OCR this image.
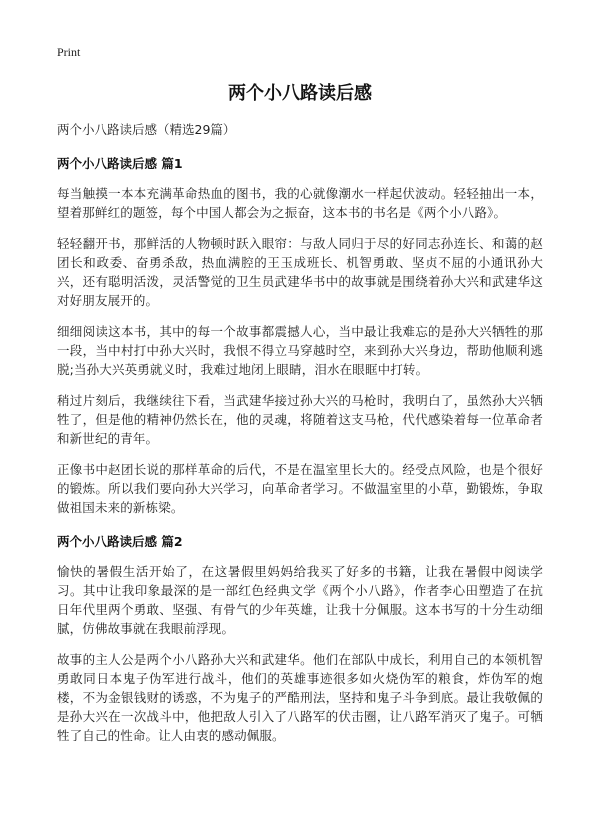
Print
两个小八路读后感
两个小八路读后感（精选29篇）
两个小八路读后感 篇1

每当触摸一本本充满革命热血的图书，我的心就像潮水一样起伏波动。轻轻抽出一本，望着那鲜红的题签，每个中国人都会为之振奋，这本书的书名是《两个小八路》。

轻轻翻开书，那鲜活的人物顿时跃入眼帘：与敌人同归于尽的好同志孙连长、和蔼的赵团长和政委、奋勇杀敌，热血满腔的王玉成班长、机智勇敢、坚贞不屈的小通讯孙大兴，还有聪明活泼，灵活警觉的卫生员武建华书中的故事就是围绕着孙大兴和武建华这对好朋友展开的。

细细阅读这本书，其中的每一个故事都震撼人心，当中最让我难忘的是孙大兴牺牲的那一段，当中村打中孙大兴时，我恨不得立马穿越时空，来到孙大兴身边，帮助他顺利逃脱;当孙大兴英勇就义时，我难过地闭上眼睛，泪水在眼眶中打转。

稍过片刻后，我继续往下看，当武建华接过孙大兴的马枪时，我明白了，虽然孙大兴牺牲了，但是他的精神仍然长在，他的灵魂，将随着这支马枪，代代感染着每一位革命者和新世纪的青年。

正像书中赵团长说的那样革命的后代，不是在温室里长大的。经受点风险，也是个很好的锻炼。所以我们要向孙大兴学习，向革命者学习。不做温室里的小草，勤锻炼，争取做祖国未来的新栋梁。

两个小八路读后感 篇2

愉快的暑假生活开始了，在这暑假里妈妈给我买了好多的书籍，让我在暑假中阅读学习。其中让我印象最深的是一部红色经典文学《两个小八路》，作者李心田塑造了在抗日年代里两个勇敢、坚强、有骨气的少年英雄，让我十分佩服。这本书写的十分生动细腻，仿佛故事就在我眼前浮现。

故事的主人公是两个小八路孙大兴和武建华。他们在部队中成长，利用自己的本领机智勇敢同日本鬼子伪军进行战斗，他们的英雄事迹很多如火烧伪军的粮食，炸伪军的炮楼，不为金银钱财的诱惑，不为鬼子的严酷刑法，坚持和鬼子斗争到底。最让我敬佩的是孙大兴在一次战斗中，他把敌人引入了八路军的伏击圈，让八路军消灭了鬼子。可牺牲了自己的性命。让人由衷的感动佩服。
